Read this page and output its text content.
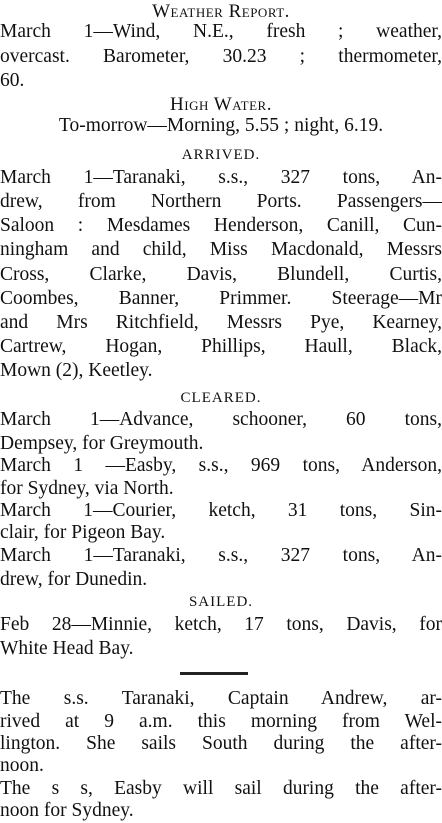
Weather Report.
March 1—Wind, N.E., fresh ; weather,
overcast. Barometer, 30.23 ; thermometer,
60.
High Water.
To-morrow—Morning, 5.55 ; night, 6.19.
ARRIVED.
March 1—Taranaki, s.s., 327 tons, An-
drew, from Northern Ports. Passengers—
Saloon : Mesdames Henderson, Canill, Cun-
ningham and child, Miss Macdonald, Messrs
Cross, Clarke, Davis, Blundell, Curtis,
Coombes, Banner, Primmer. Steerage—Mr
and Mrs Ritchfield, Messrs Pye, Kearney,
Cartrew, Hogan, Phillips, Haull, Black,
Mown (2), Keetley.
CLEARED.
March 1—Advance, schooner, 60 tons,
Dempsey, for Greymouth.
March 1 —Easby, s.s., 969 tons, Anderson,
for Sydney, via North.
March 1—Courier, ketch, 31 tons, Sin-
clair, for Pigeon Bay.
March 1—Taranaki, s.s., 327 tons, An-
drew, for Dunedin.
SAILED.
Feb 28—Minnie, ketch, 17 tons, Davis, for
White Head Bay.
The s.s. Taranaki, Captain Andrew, ar-
rived at 9 a.m. this morning from Wel-
lington. She sails South during the after-
noon.
The s s, Easby will sail during the after-
noon for Sydney.
